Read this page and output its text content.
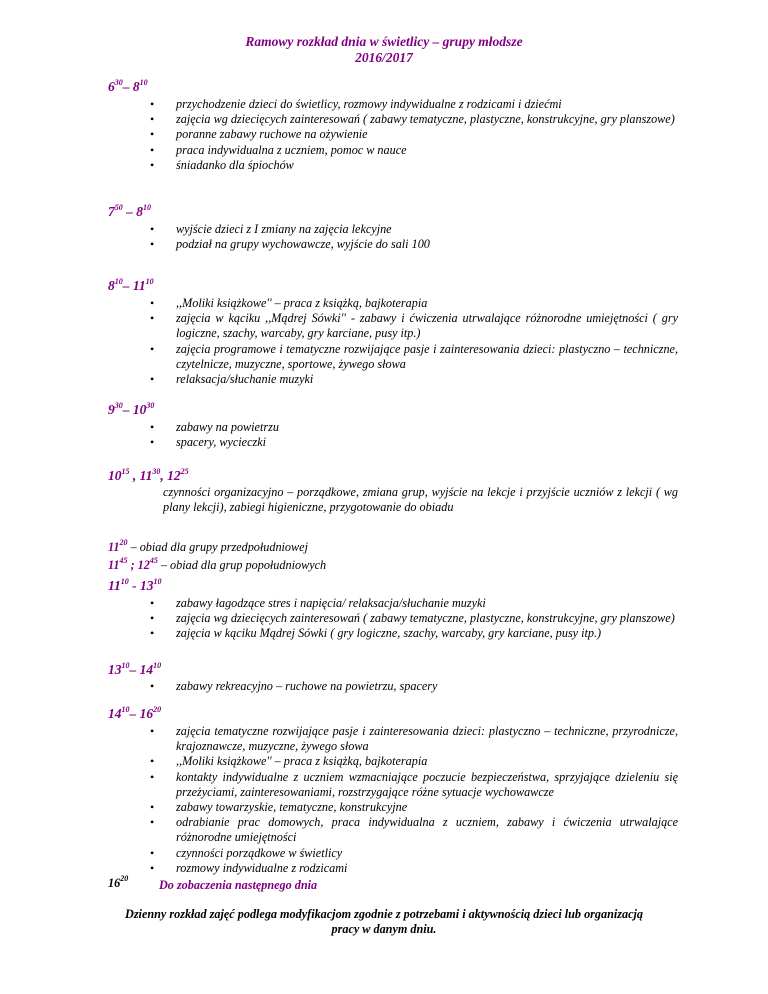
Ramowy rozkład dnia w świetlicy – grupy młodsze
2016/2017
$6^{30}-$ $8^{10}$
• przychodzenie dzieci do świetlicy, rozmowy indywidualne z rodzicami i dziećmi
• zajęcia wg dziecięcych zainteresowań ( zabawy tematyczne, plastyczne, konstrukcyjne, gry planszowe)
• poranne zabawy ruchowe na ożywienie
• praca indywidualna z uczniem, pomoc w nauce
• śniadanko dla śpiochów
$7^{50} - 8^{10}$
• wyjście dzieci z I zmiany na zajęcia lekcyjne
• podział na grupy wychowawcze, wyjście do sali 100
$8^{10}-$ $11^{10}$
• ,,Moliki książkowe'' – praca z książką, bajkoterapia
• zajęcia w kąciku ,,Mądrej Sówki'' - zabawy i ćwiczenia utrwalające różnorodne umiejętności ( gry logiczne, szachy, warcaby, gry karciane, pusy itp.)
• zajęcia programowe i tematyczne rozwijające pasje i zainteresowania dzieci: plastyczno – techniczne, czytelnicze, muzyczne, sportowe, żywego słowa
• relaksacja/słuchanie muzyki
$9^{30}-$ $10^{30}$
• zabawy na powietrzu
• spacery, wycieczki
$10^{15}$ , $11^{30}$, $12^{25}$
czynności organizacyjno – porządkowe, zmiana grup, wyjście na lekcje i przyjście uczniów z lekcji ( wg plany lekcji), zabiegi higieniczne, przygotowanie do obiadu
$11^{20}$ – obiad dla grupy przedpołudniowej
$11^{45}$ ; $12^{45}$ – obiad dla grup popołudniowych
$11^{10} - 13^{10}$
• zabawy łagodzące stres i napięcia/ relaksacja/słuchanie muzyki
• zajęcia wg dziecięcych zainteresowań ( zabawy tematyczne, plastyczne, konstrukcyjne, gry planszowe)
• zajęcia w kąciku Mądrej Sówki ( gry logiczne, szachy, warcaby, gry karciane, pusy itp.)
$13^{10}-$ $14^{10}$
• zabawy rekreacyjno – ruchowe na powietrzu, spacery
$14^{10}-$ $16^{20}$
• zajęcia tematyczne rozwijające pasje i zainteresowania dzieci: plastyczno – techniczne, przyrodnicze, krajoznawcze, muzyczne, żywego słowa
• ,,Moliki książkowe'' – praca z książką, bajkoterapia
• kontakty indywidualne z uczniem wzmacniające poczucie bezpieczeństwa, sprzyjające dzieleniu się przeżyciami, zainteresowaniami, rozstrzygające różne sytuacje wychowawcze
• zabawy towarzyskie, tematyczne, konstrukcyjne
• odrabianie prac domowych, praca indywidualna z uczniem, zabawy i ćwiczenia utrwalające różnorodne umiejętności
• czynności porządkowe w świetlicy
• rozmowy indywidualne z rodzicami
$16^{20}$	Do zobaczenia następnego dnia
Dzienny rozkład zajęć podlega modyfikacjom zgodnie z potrzebami i aktywnością dzieci lub organizacją
pracy w danym dniu.
